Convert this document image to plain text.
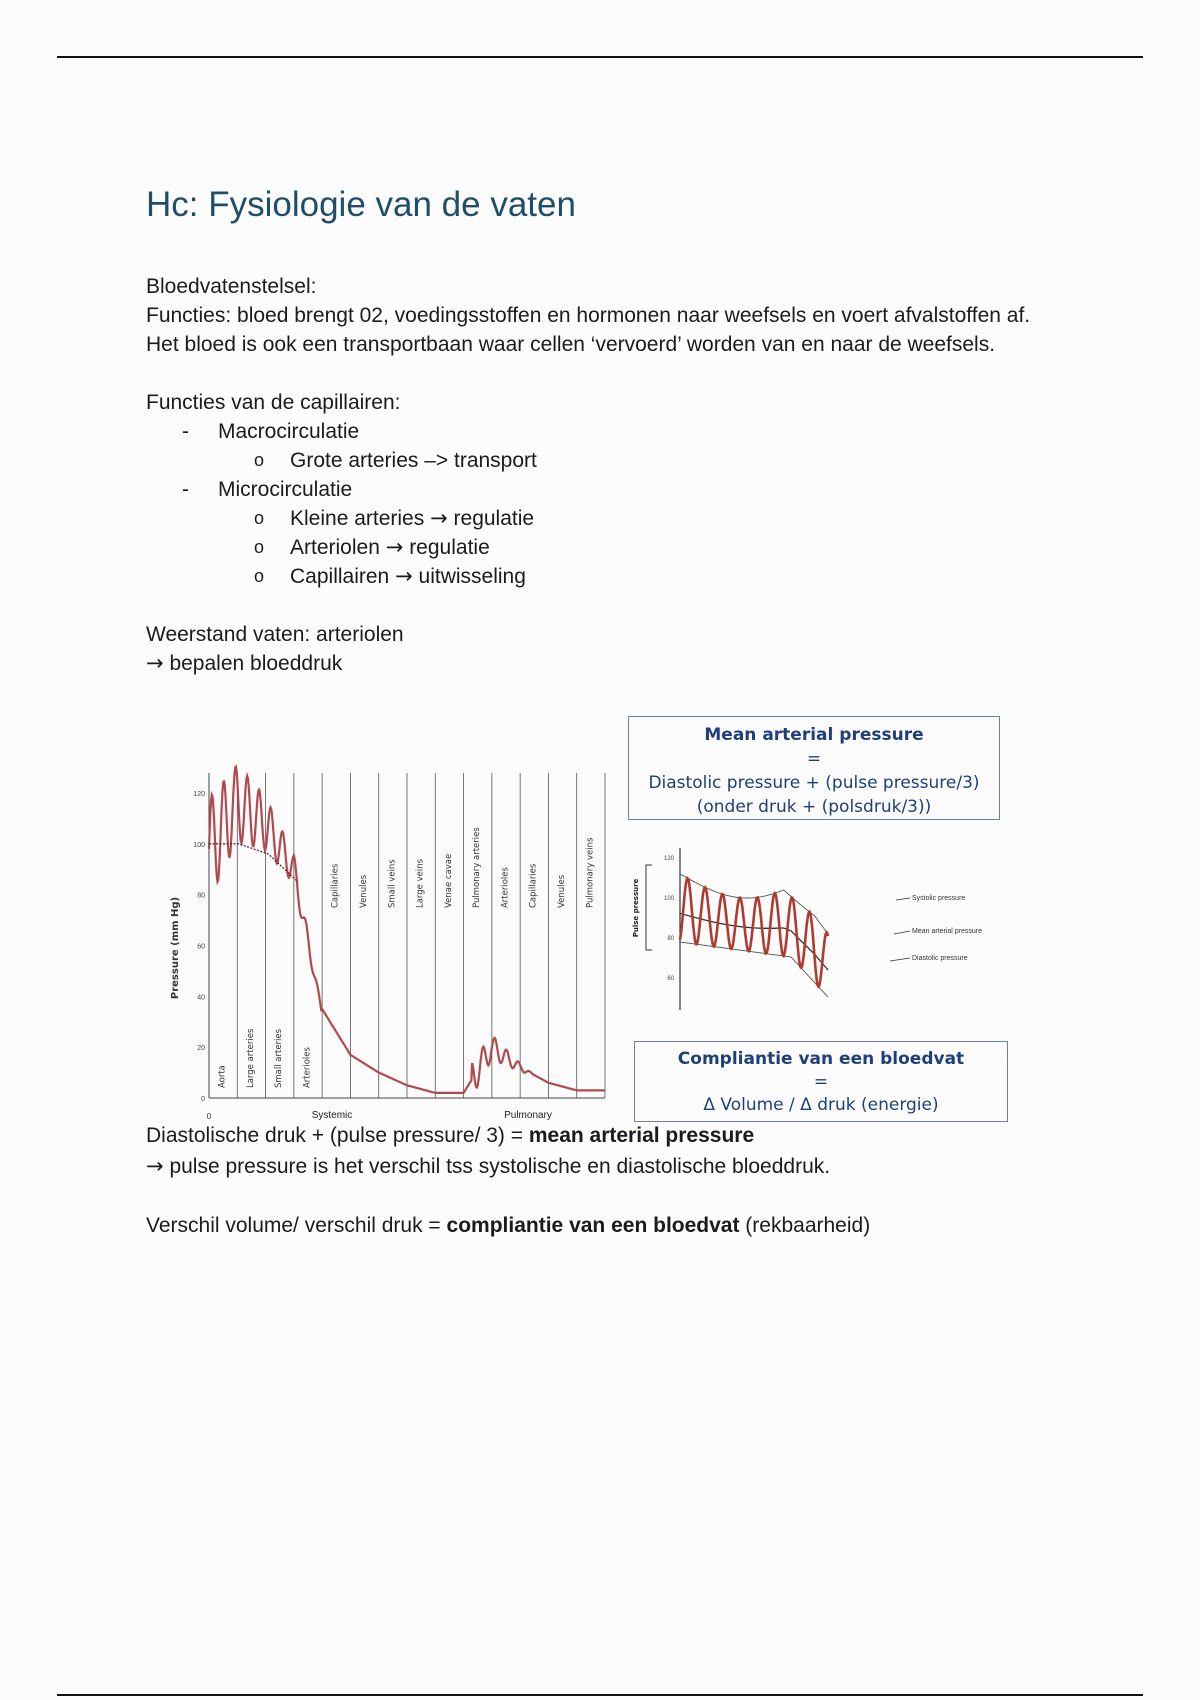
Hc: Fysiologie van de vaten

Bloedvatenstelsel:

Functies: bloed brengt 02, voedingsstoffen en hormonen naar weefsels en voert afvalstoffen af. Het bloed is ook een transportbaan waar cellen ‘vervoerd’ worden van en naar de weefsels.

Functies van de capillairen:

- Macrocirculatie
o Grote arteries –> transport
- Microcirculatie
o Kleine arteries → regulatie
o Arteriolen → regulatie
o Capillairen → uitwisseling

Weerstand vaten: arteriolen

→ bepalen bloeddruk

0
20
40
60
80
100
120
Aorta Large arteries Small arteries Arterioles
Capillaries Venules Small veins Large veins Venae cavae Pulmonary arteries Arterioles Capillaries Venules Pulmonary veins
Pressure (mm Hg)
Systemic	Pulmonary
0
Mean arterial pressure
=
Diastolic pressure + (pulse pressure/3)
(onder druk + (polsdruk/3))
60
80
100
120
Pulse pressure	Systolic pressure
Mean arterial pressure
Diastolic pressure
Compliantie van een bloedvat
=
Δ Volume / Δ druk (energie)

Diastolische druk + (pulse pressure/ 3) = mean arterial pressure

→ pulse pressure is het verschil tss systolische en diastolische bloeddruk.

Verschil volume/ verschil druk = compliantie van een bloedvat (rekbaarheid)
